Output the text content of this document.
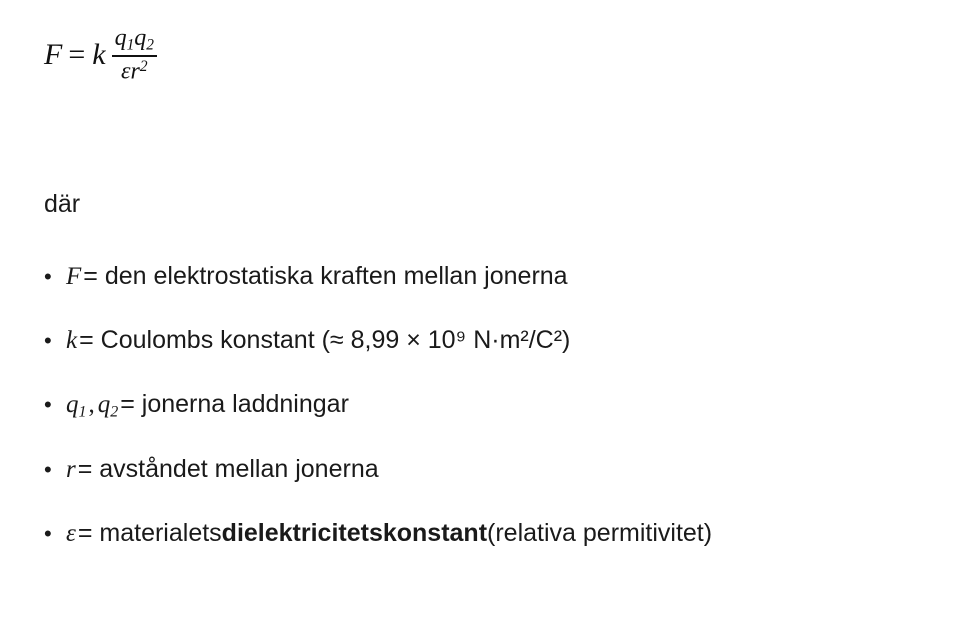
F = k $\frac{q_1q_2}{\varepsilon r^2}$
där
• F = den elektrostatiska kraften mellan jonerna
• k = Coulombs konstant (≈ 8,99 × 10⁹ N·m²/C²)
• $q_1$ , $q_2$ = jonerna laddningar
• r = avståndet mellan jonerna
• ε = materialets dielektricitetskonstant (relativa permitivitet)
